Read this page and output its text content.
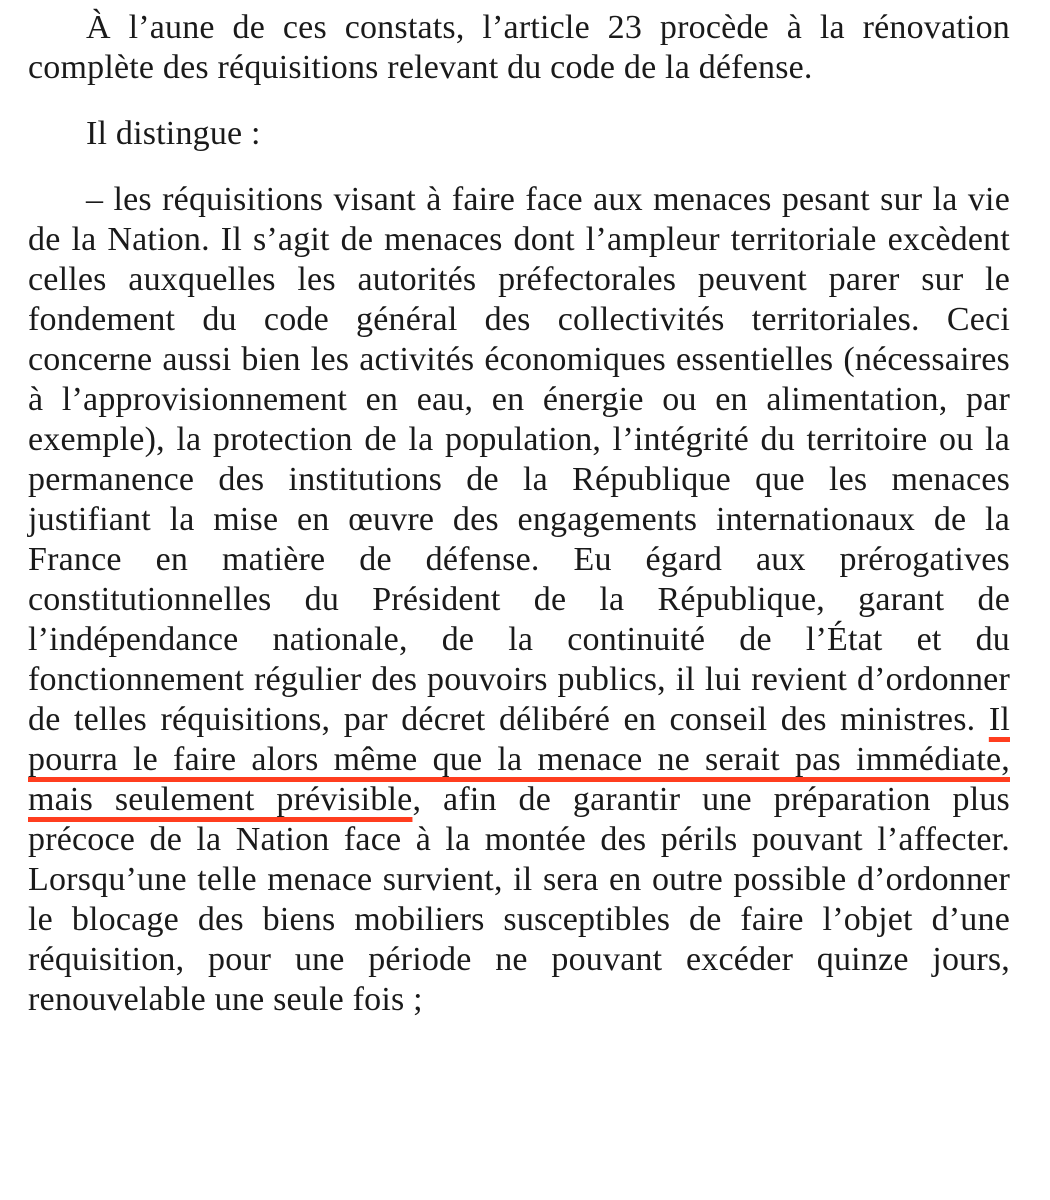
À l’aune de ces constats, l’article 23 procède à la rénovation complète des réquisitions relevant du code de la défense.

Il distingue :

– les réquisitions visant à faire face aux menaces pesant sur la vie de la Nation. Il s’agit de menaces dont l’ampleur territoriale excèdent celles auxquelles les autorités préfectorales peuvent parer sur le fondement du code général des collectivités territoriales. Ceci concerne aussi bien les activités économiques essentielles (nécessaires à l’approvisionnement en eau, en énergie ou en alimentation, par exemple), la protection de la population, l’intégrité du territoire ou la permanence des institutions de la République que les menaces justifiant la mise en œuvre des engagements internationaux de la France en matière de défense. Eu égard aux prérogatives constitutionnelles du Président de la République, garant de l’indépendance nationale, de la continuité de l’État et du fonctionnement régulier des pouvoirs publics, il lui revient d’ordonner de telles réquisitions, par décret délibéré en conseil des ministres. Il pourra le faire alors même que la menace ne serait pas immédiate, mais seulement prévisible, afin de garantir une préparation plus précoce de la Nation face à la montée des périls pouvant l’affecter. Lorsqu’une telle menace survient, il sera en outre possible d’ordonner le blocage des biens mobiliers susceptibles de faire l’objet d’une réquisition, pour une période ne pouvant excéder quinze jours, renouvelable une seule fois ;
